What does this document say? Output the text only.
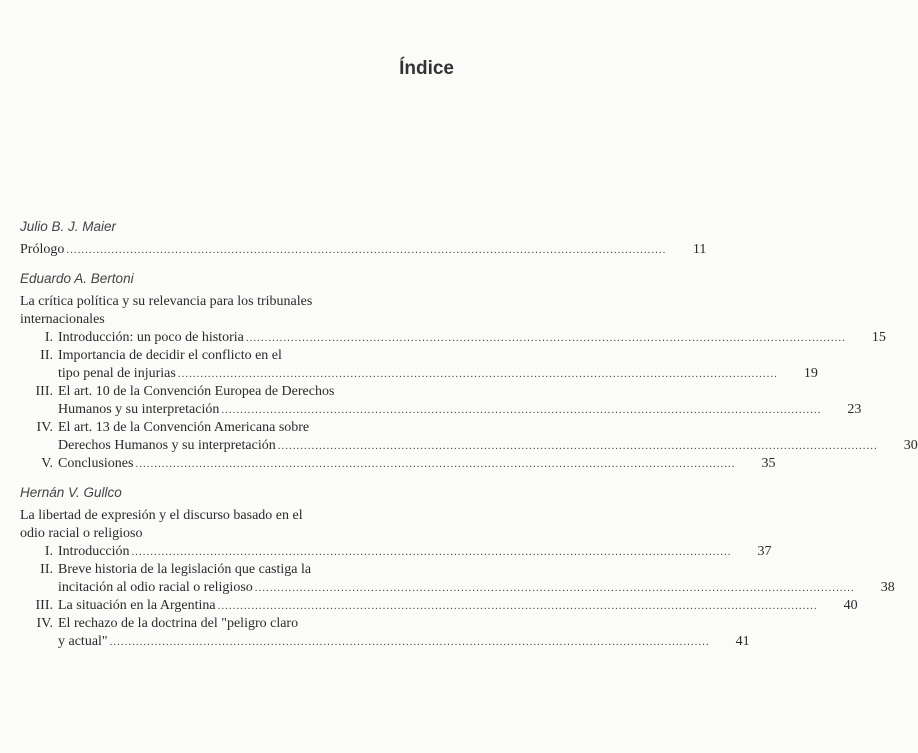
Índice
Julio B. J. Maier
Prólogo .....	11
Eduardo A. Bertoni
La crítica política y su relevancia para los tribunales
internacionales
I. Introducción: un poco de historia .....	15
II. Importancia de decidir el conflicto en el
tipo penal de injurias .....	19
III. El art. 10 de la Convención Europea de Derechos
Humanos y su interpretación .....	23
IV. El art. 13 de la Convención Americana sobre
Derechos Humanos y su interpretación .....	30
V. Conclusiones .....	35
Hernán V. Gullco
La libertad de expresión y el discurso basado en el
odio racial o religioso
I. Introducción .....	37
II. Breve historia de la legislación que castiga la
incitación al odio racial o religioso .....	38
III. La situación en la Argentina .....	40
IV. El rechazo de la doctrina del "peligro claro
y actual" .....	41
